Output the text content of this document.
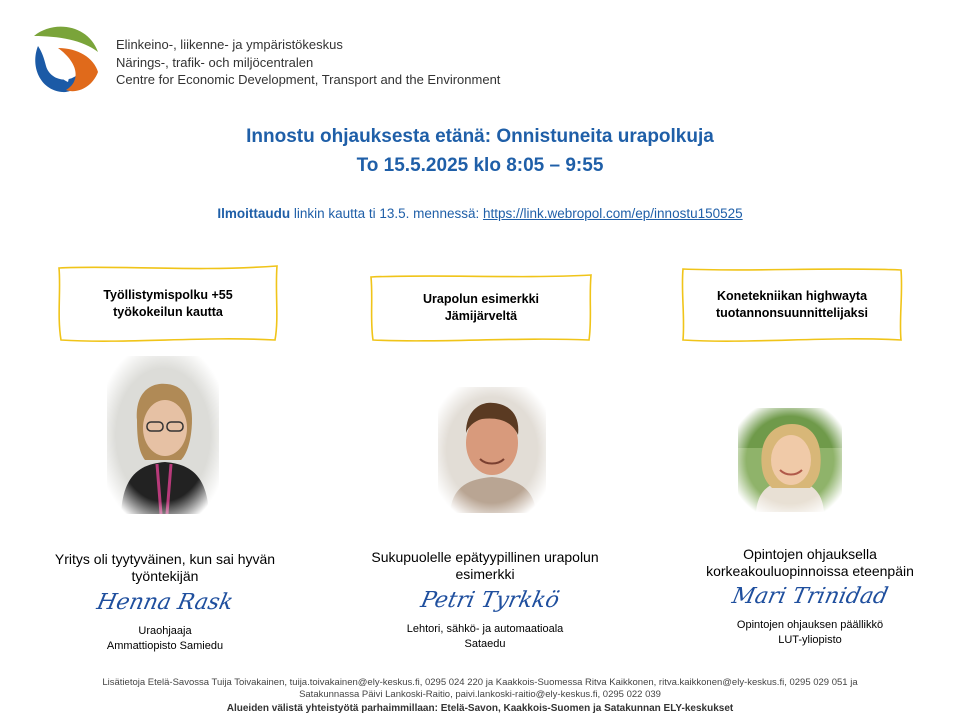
Elinkeino-, liikenne- ja ympäristökeskus
Närings-, trafik- och miljöcentralen
Centre for Economic Development, Transport and the Environment
Innostu ohjauksesta etänä: Onnistuneita urapolkuja
To 15.5.2025 klo 8:05 – 9:55
Ilmoittaudu linkin kautta ti 13.5. mennessä: https://link.webropol.com/ep/innostu150525
Työllistymispolku +55
työkokeilun kautta
Urapolun esimerkki
Jämijärveltä
Konetekniikan highwayta
tuotannonsuunnittelijaksi
Yritys oli tyytyväinen, kun sai hyvän
työntekijän
Henna Rask
Uraohjaaja
Ammattiopisto Samiedu
Sukupuolelle epätyypillinen urapolun
esimerkki
Petri Tyrkkö
Lehtori, sähkö- ja automaatioala
Sataedu
Opintojen ohjauksella
korkeakouluopinnoissa eteenpäin
Mari Trinidad
Opintojen ohjauksen päällikkö
LUT-yliopisto
Lisätietoja Etelä-Savossa Tuija Toivakainen, tuija.toivakainen@ely-keskus.fi, 0295 024 220 ja Kaakkois-Suomessa Ritva Kaikkonen, ritva.kaikkonen@ely-keskus.fi, 0295 029 051 ja
Satakunnassa Päivi Lankoski-Raitio, paivi.lankoski-raitio@ely-keskus.fi, 0295 022 039
Alueiden välistä yhteistyötä parhaimmillaan: Etelä-Savon, Kaakkois-Suomen ja Satakunnan ELY-keskukset
